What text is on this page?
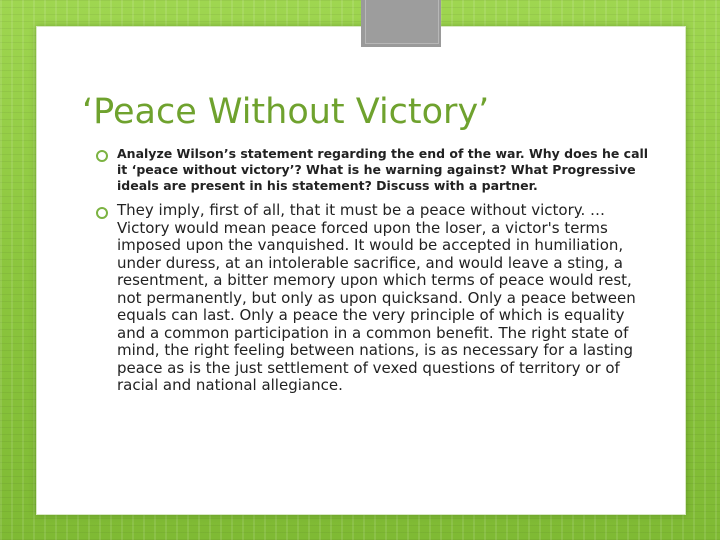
‘Peace Without Victory’
Analyze Wilson’s statement regarding the end of the war. Why does he call it ‘peace without victory’? What is he warning against? What Progressive ideals are present in his statement? Discuss with a partner.
They imply, first of all, that it must be a peace without victory. … Victory would mean peace forced upon the loser, a victor's terms imposed upon the vanquished. It would be accepted in humiliation, under duress, at an intolerable sacrifice, and would leave a sting, a resentment, a bitter memory upon which terms of peace would rest, not permanently, but only as upon quicksand. Only a peace between equals can last. Only a peace the very principle of which is equality and a common participation in a common benefit. The right state of mind, the right feeling between nations, is as necessary for a lasting peace as is the just settlement of vexed questions of territory or of racial and national allegiance.
